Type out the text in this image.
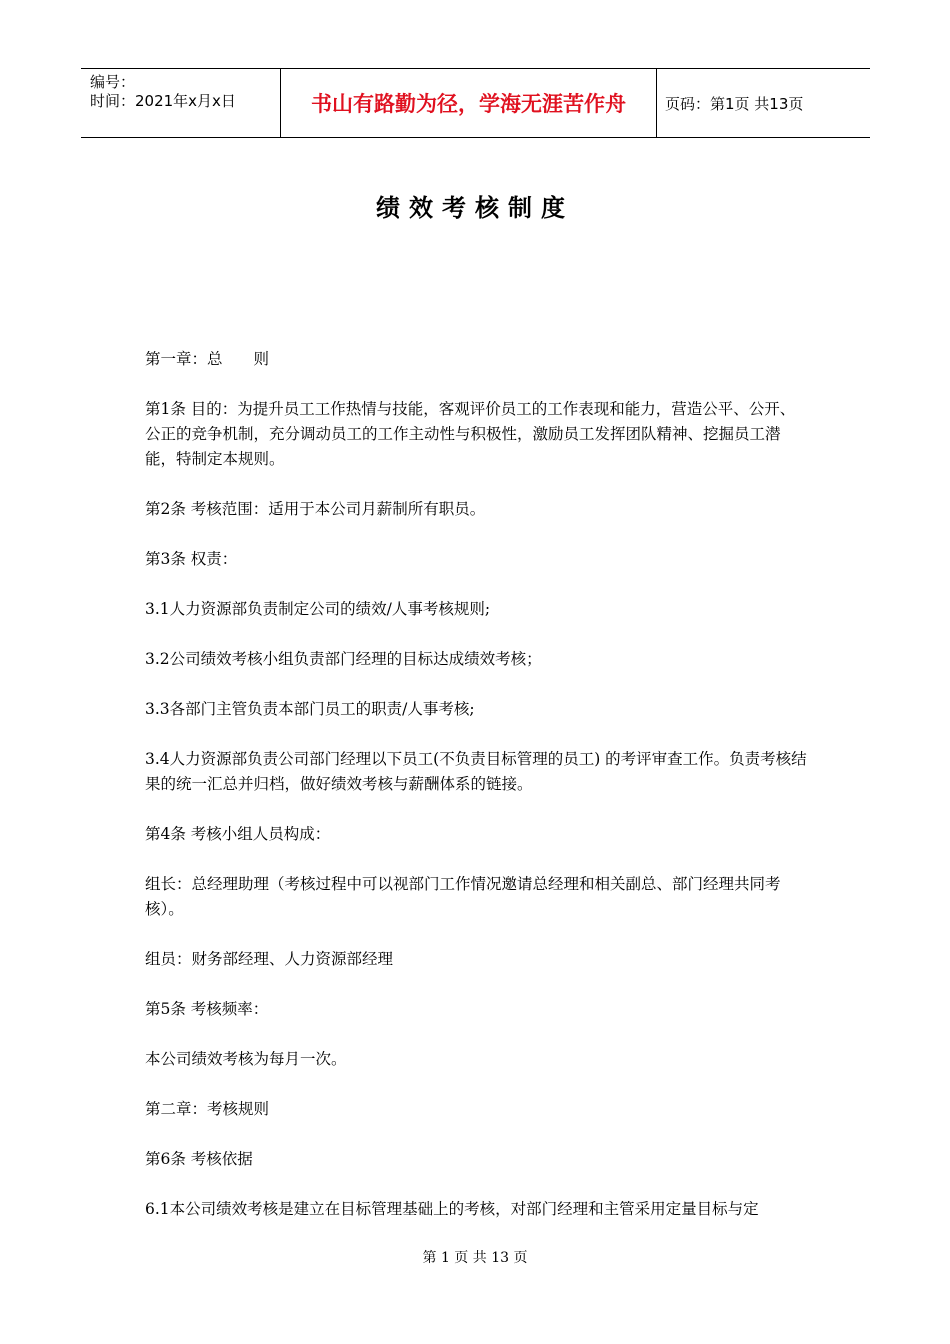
编号：
时间：2021年x月x日	书山有路勤为径，学海无涯苦作舟	页码：第1页 共13页
绩效考核制度

第一章：总　　则

第1条 目的：为提升员工工作热情与技能，客观评价员工的工作表现和能力，营造公平、公开、公正的竞争机制，充分调动员工的工作主动性与积极性，激励员工发挥团队精神、挖掘员工潜能，特制定本规则。

第2条 考核范围：适用于本公司月薪制所有职员。

第3条 权责：

3.1人力资源部负责制定公司的绩效/人事考核规则;

3.2公司绩效考核小组负责部门经理的目标达成绩效考核；

3.3各部门主管负责本部门员工的职责/人事考核;

3.4人力资源部负责公司部门经理以下员工(不负责目标管理的员工) 的考评审查工作。负责考核结果的统一汇总并归档，做好绩效考核与薪酬体系的链接。

第4条 考核小组人员构成：

组长：总经理助理（考核过程中可以视部门工作情况邀请总经理和相关副总、部门经理共同考核）。

组员：财务部经理、人力资源部经理

第5条 考核频率：

本公司绩效考核为每月一次。

第二章：考核规则

第6条 考核依据

6.1本公司绩效考核是建立在目标管理基础上的考核，对部门经理和主管采用定量目标与定

第 1 页 共 13 页
